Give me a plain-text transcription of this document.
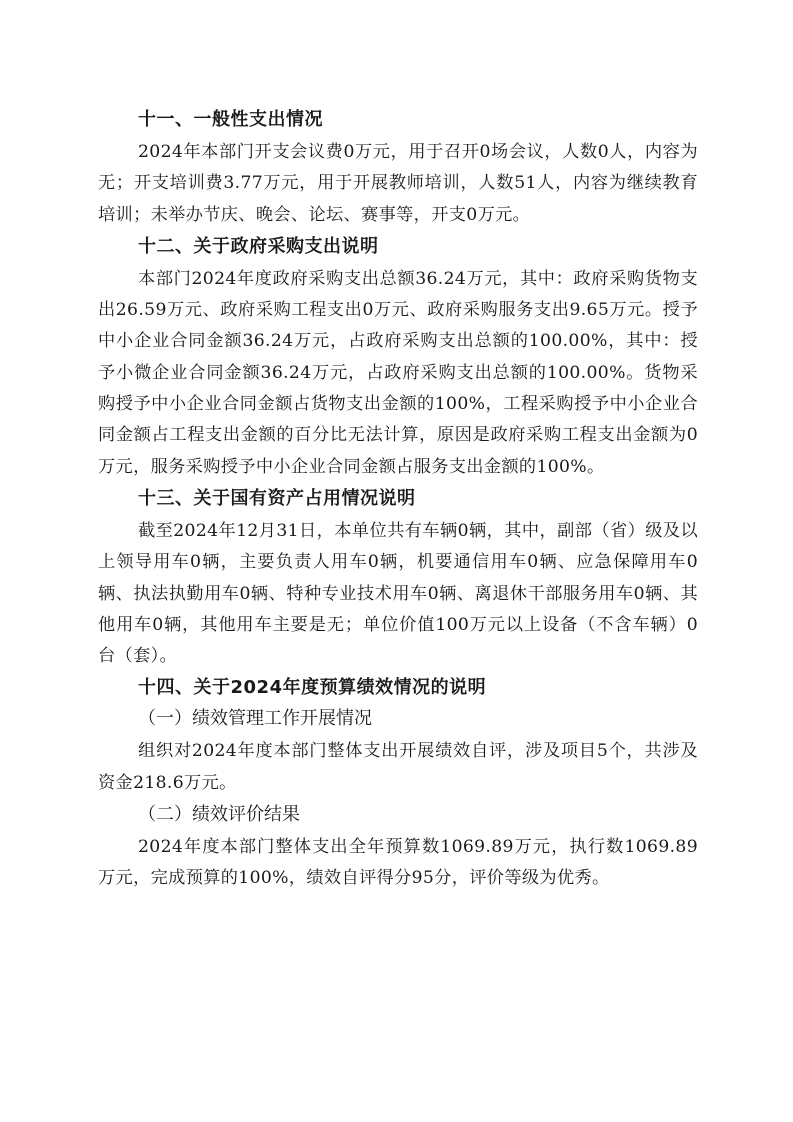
十一、一般性支出情况

2024年本部门开支会议费0万元，用于召开0场会议，人数0人，内容为无；开支培训费3.77万元，用于开展教师培训，人数51人，内容为继续教育培训；未举办节庆、晚会、论坛、赛事等，开支0万元。

十二、关于政府采购支出说明

本部门2024年度政府采购支出总额36.24万元，其中：政府采购货物支出26.59万元、政府采购工程支出0万元、政府采购服务支出9.65万元。授予中小企业合同金额36.24万元，占政府采购支出总额的100.00%，其中：授予小微企业合同金额36.24万元，占政府采购支出总额的100.00%。货物采购授予中小企业合同金额占货物支出金额的100%，工程采购授予中小企业合同金额占工程支出金额的百分比无法计算，原因是政府采购工程支出金额为0万元，服务采购授予中小企业合同金额占服务支出金额的100%。

十三、关于国有资产占用情况说明

截至2024年12月31日，本单位共有车辆0辆，其中，副部（省）级及以上领导用车0辆，主要负责人用车0辆，机要通信用车0辆、应急保障用车0辆、执法执勤用车0辆、特种专业技术用车0辆、离退休干部服务用车0辆、其他用车0辆，其他用车主要是无；单位价值100万元以上设备（不含车辆）0台（套）。

十四、关于2024年度预算绩效情况的说明

（一）绩效管理工作开展情况

组织对2024年度本部门整体支出开展绩效自评，涉及项目5个，共涉及资金218.6万元。

（二）绩效评价结果

2024年度本部门整体支出全年预算数1069.89万元，执行数1069.89万元，完成预算的100%，绩效自评得分95分，评价等级为优秀。
